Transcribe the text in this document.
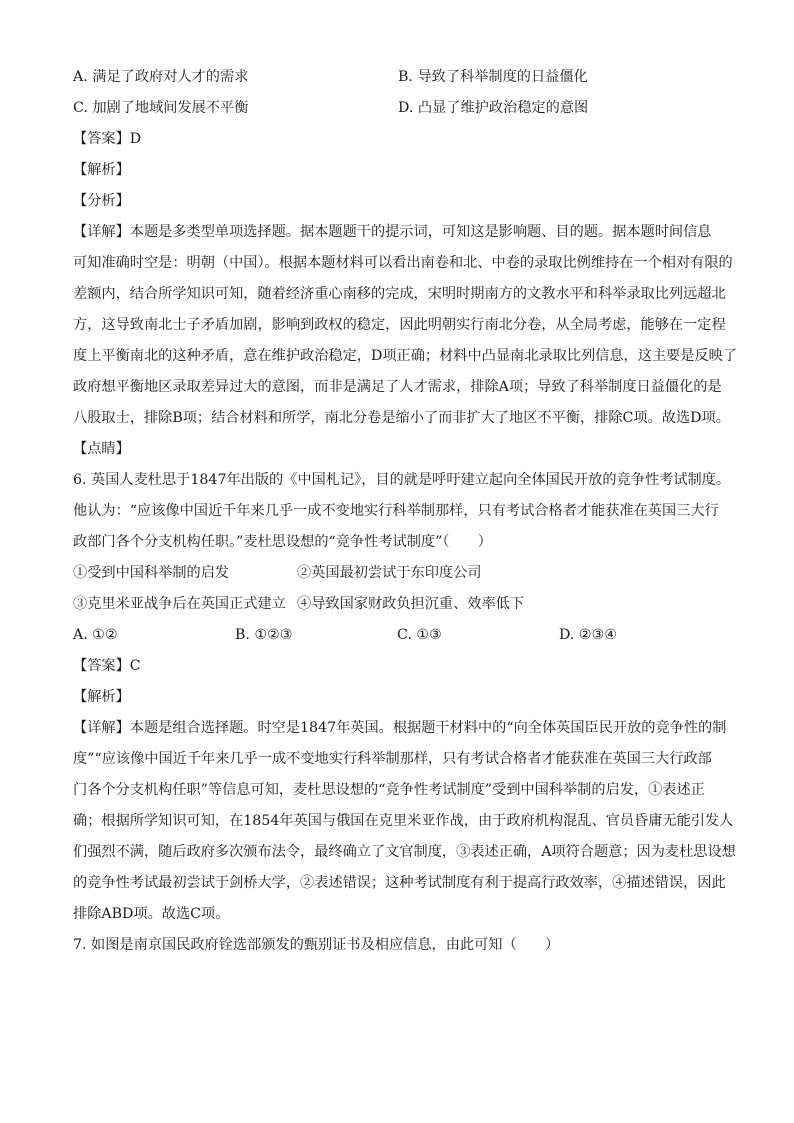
A. 满足了政府对人才的需求	B. 导致了科举制度的日益僵化
C. 加剧了地域间发展不平衡	D. 凸显了维护政治稳定的意图
【答案】D
【解析】
【分析】
【详解】本题是多类型单项选择题。据本题题干的提示词，可知这是影响题、目的题。据本题时间信息
可知准确时空是：明朝（中国）。根据本题材料可以看出南卷和北、中卷的录取比例维持在一个相对有限的
差额内，结合所学知识可知，随着经济重心南移的完成，宋明时期南方的文教水平和科举录取比列远超北
方，这导致南北士子矛盾加剧，影响到政权的稳定，因此明朝实行南北分卷，从全局考虑，能够在一定程
度上平衡南北的这种矛盾，意在维护政治稳定，D项正确；材料中凸显南北录取比列信息，这主要是反映了
政府想平衡地区录取差异过大的意图，而非是满足了人才需求，排除A项；导致了科举制度日益僵化的是
八股取士，排除B项；结合材料和所学，南北分卷是缩小了而非扩大了地区不平衡，排除C项。故选D项。
【点睛】
6. 英国人麦杜思于1847年出版的《中国札记》，目的就是呼吁建立起向全体国民开放的竞争性考试制度。
他认为：“应该像中国近千年来几乎一成不变地实行科举制那样，只有考试合格者才能获准在英国三大行
政部门各个分支机构任职。”麦杜思设想的“竞争性考试制度”（　　）
①受到中国科举制的启发	②英国最初尝试于东印度公司
③克里米亚战争后在英国正式建立 ④导致国家财政负担沉重、效率低下
A. ①②	B. ①②③	C. ①③	D. ②③④
【答案】C
【解析】
【详解】本题是组合选择题。时空是1847年英国。根据题干材料中的“向全体英国臣民开放的竞争性的制
度”“应该像中国近千年来几乎一成不变地实行科举制那样，只有考试合格者才能获准在英国三大行政部
门各个分支机构任职”等信息可知，麦杜思设想的“竞争性考试制度”受到中国科举制的启发，①表述正
确；根据所学知识可知，在1854年英国与俄国在克里米亚作战，由于政府机构混乱、官员昏庸无能引发人
们强烈不满，随后政府多次颁布法令，最终确立了文官制度，③表述正确，A项符合题意；因为麦杜思设想
的竞争性考试最初尝试于剑桥大学，②表述错误；这种考试制度有利于提高行政效率，④描述错误，因此
排除ABD项。故选C项。
7. 如图是南京国民政府铨选部颁发的甄别证书及相应信息，由此可知（　　）
